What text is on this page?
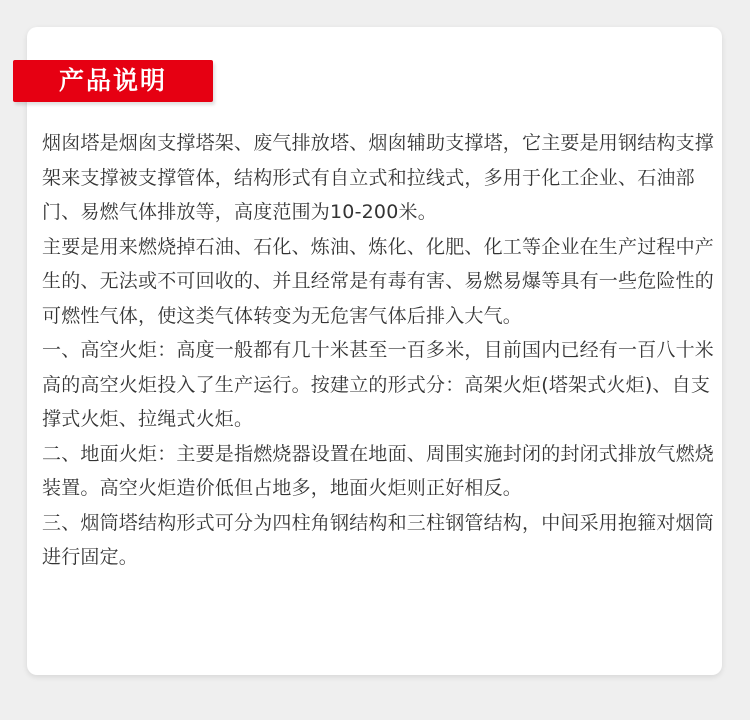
产品说明

烟囱塔是烟囱支撑塔架、废气排放塔、烟囱辅助支撑塔，它主要是用钢结构支撑架来支撑被支撑管体，结构形式有自立式和拉线式，多用于化工企业、石油部门、易燃气体排放等，高度范围为10-200米。

主要是用来燃烧掉石油、石化、炼油、炼化、化肥、化工等企业在生产过程中产生的、无法或不可回收的、并且经常是有毒有害、易燃易爆等具有一些危险性的可燃性气体，使这类气体转变为无危害气体后排入大气。

一、高空火炬：高度一般都有几十米甚至一百多米，目前国内已经有一百八十米高的高空火炬投入了生产运行。按建立的形式分：高架火炬(塔架式火炬)、自支撑式火炬、拉绳式火炬。

二、地面火炬：主要是指燃烧器设置在地面、周围实施封闭的封闭式排放气燃烧装置。高空火炬造价低但占地多，地面火炬则正好相反。

三、烟筒塔结构形式可分为四柱角钢结构和三柱钢管结构，中间采用抱箍对烟筒进行固定。
